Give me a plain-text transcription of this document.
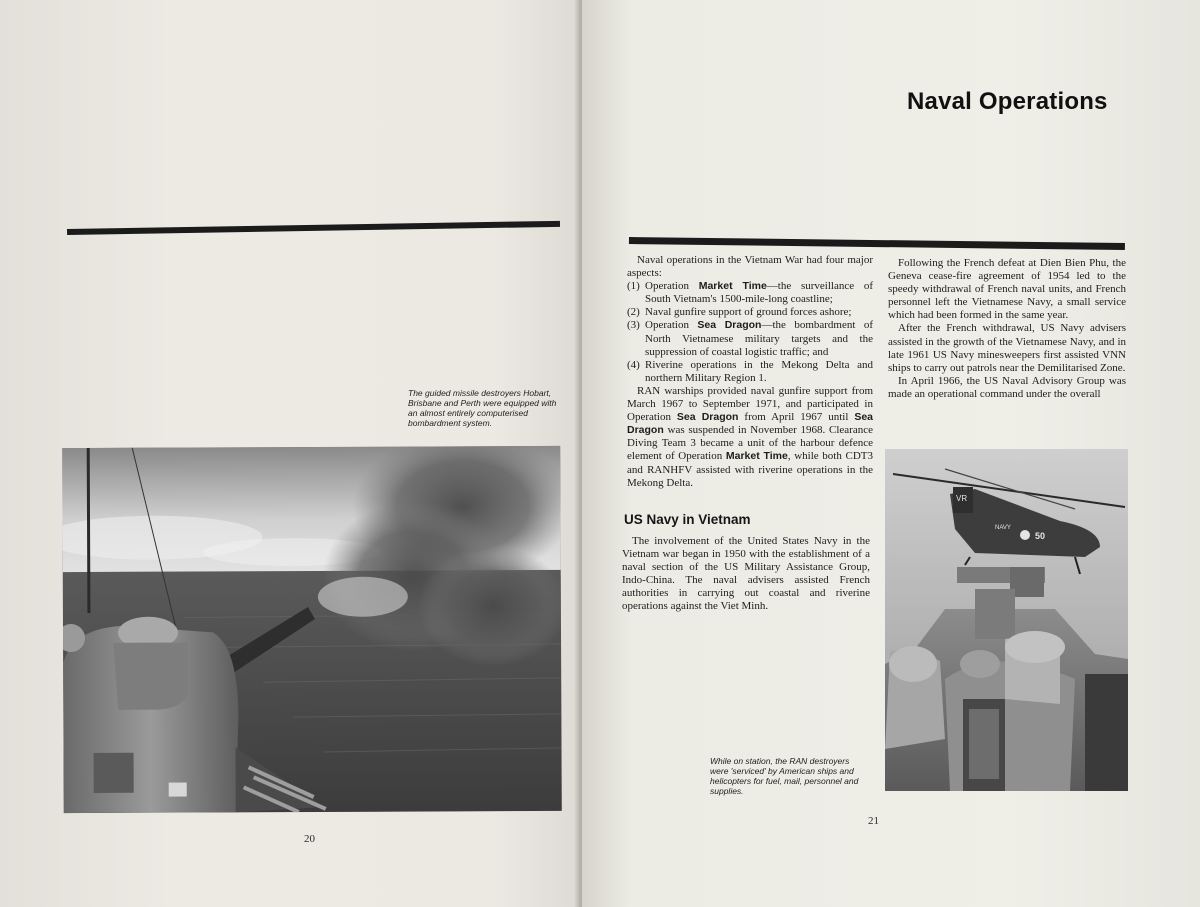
The guided missile destroyers Hobart, Brisbane and Perth were equipped with an almost entirely computerised bombardment system.
20
Naval Operations

Naval operations in the Vietnam War had four major aspects:

(1) Operation Market Time—the surveillance of South Vietnam's 1500-mile-long coastline;
(2) Naval gunfire support of ground forces ashore;
(3) Operation Sea Dragon—the bombardment of North Vietnamese military targets and the suppression of coastal logistic traffic; and
(4) Riverine operations in the Mekong Delta and northern Military Region 1.

RAN warships provided naval gunfire support from March 1967 to September 1971, and participated in Operation Sea Dragon from April 1967 until Sea Dragon was suspended in November 1968. Clearance Diving Team 3 became a unit of the harbour defence element of Operation Market Time, while both CDT3 and RANHFV assisted with riverine operations in the Mekong Delta.

US Navy in Vietnam

The involvement of the United States Navy in the Vietnam war began in 1950 with the establishment of a naval section of the US Military Assistance Group, Indo-China. The naval advisers assisted French authorities in carrying out coastal and riverine operations against the Viet Minh.

Following the French defeat at Dien Bien Phu, the Geneva cease-fire agreement of 1954 led to the speedy withdrawal of French naval units, and French personnel left the Vietnamese Navy, a small service which had been formed in the same year.

After the French withdrawal, US Navy advisers assisted in the growth of the Vietnamese Navy, and in late 1961 US Navy minesweepers first assisted VNN ships to carry out patrols near the Demilitarised Zone.

In April 1966, the US Naval Advisory Group was made an operational command under the overall

VR
50
NAVY
While on station, the RAN destroyers were 'serviced' by American ships and helicopters for fuel, mail, personnel and supplies.
21
